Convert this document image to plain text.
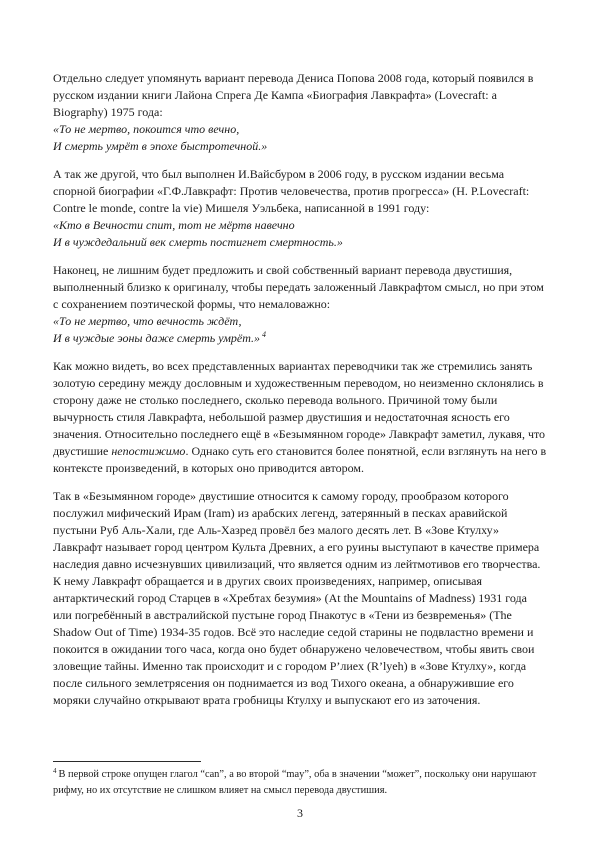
Отдельно следует упомянуть вариант перевода Дениса Попова 2008 года, который появился в русском издании книги Лайона Спрега Де Кампа «Биография Лавкрафта» (Lovecraft: a Biography) 1975 года:
«То не мертво, покоится что вечно,
И смерть умрёт в эпохе быстротечной.»
А так же другой, что был выполнен И.Вайсбуром в 2006 году, в русском издании весьма спорной биографии «Г.Ф.Лавкрафт: Против человечества, против прогресса» (H. P.Lovecraft: Contre le monde, contre la vie) Мишеля Уэльбека, написанной в 1991 году:
«Кто в Вечности спит, тот не мёртв навечно
И в чуждедальний век смерть постигнет смертность.»
Наконец, не лишним будет предложить и свой собственный вариант перевода двустишия, выполненный близко к оригиналу, чтобы передать заложенный Лавкрафтом смысл, но при этом с сохранением поэтической формы, что немаловажно:
«То не мертво, что вечность ждёт,
И в чуждые эоны даже смерть умрёт.» $^4$
Как можно видеть, во всех представленных вариантах переводчики так же стремились занять золотую середину между дословным и художественным переводом, но неизменно склонялись в сторону даже не столько последнего, сколько перевода вольного. Причиной тому были вычурность стиля Лавкрафта, небольшой размер двустишия и недостаточная ясность его значения. Относительно последнего ещё в «Безымянном городе» Лавкрафт заметил, лукавя, что двустишие непостижимо. Однако суть его становится более понятной, если взглянуть на него в контексте произведений, в которых оно приводится автором.
Так в «Безымянном городе» двустишие относится к самому городу, прообразом которого послужил мифический Ирам (Iram) из арабских легенд, затерянный в песках аравийской пустыни Руб Аль-Хали, где Аль-Хазред провёл без малого десять лет. В «Зове Ктулху» Лавкрафт называет город центром Культа Древних, а его руины выступают в качестве примера наследия давно исчезнувших цивилизаций, что является одним из лейтмотивов его творчества. К нему Лавкрафт обращается и в других своих произведениях, например, описывая антарктический город Старцев в «Хребтах безумия» (At the Mountains of Madness) 1931 года или погребённый в австралийской пустыне город Пнакотус в «Тени из безвременья» (The Shadow Out of Time) 1934-35 годов. Всё это наследие седой старины не подвластно времени и покоится в ожидании того часа, когда оно будет обнаружено человечеством, чтобы явить свои зловещие тайны. Именно так происходит и с городом Р’лиех (R’lyeh) в «Зове Ктулху», когда после сильного землетрясения он поднимается из вод Тихого океана, а обнаружившие его моряки случайно открывают врата гробницы Ктулху и выпускают его из заточения.
$^4$ В первой строке опущен глагол “can”, а во второй “may”, оба в значении “может”, поскольку они нарушают рифму, но их отсутствие не слишком влияет на смысл перевода двустишия.
3
